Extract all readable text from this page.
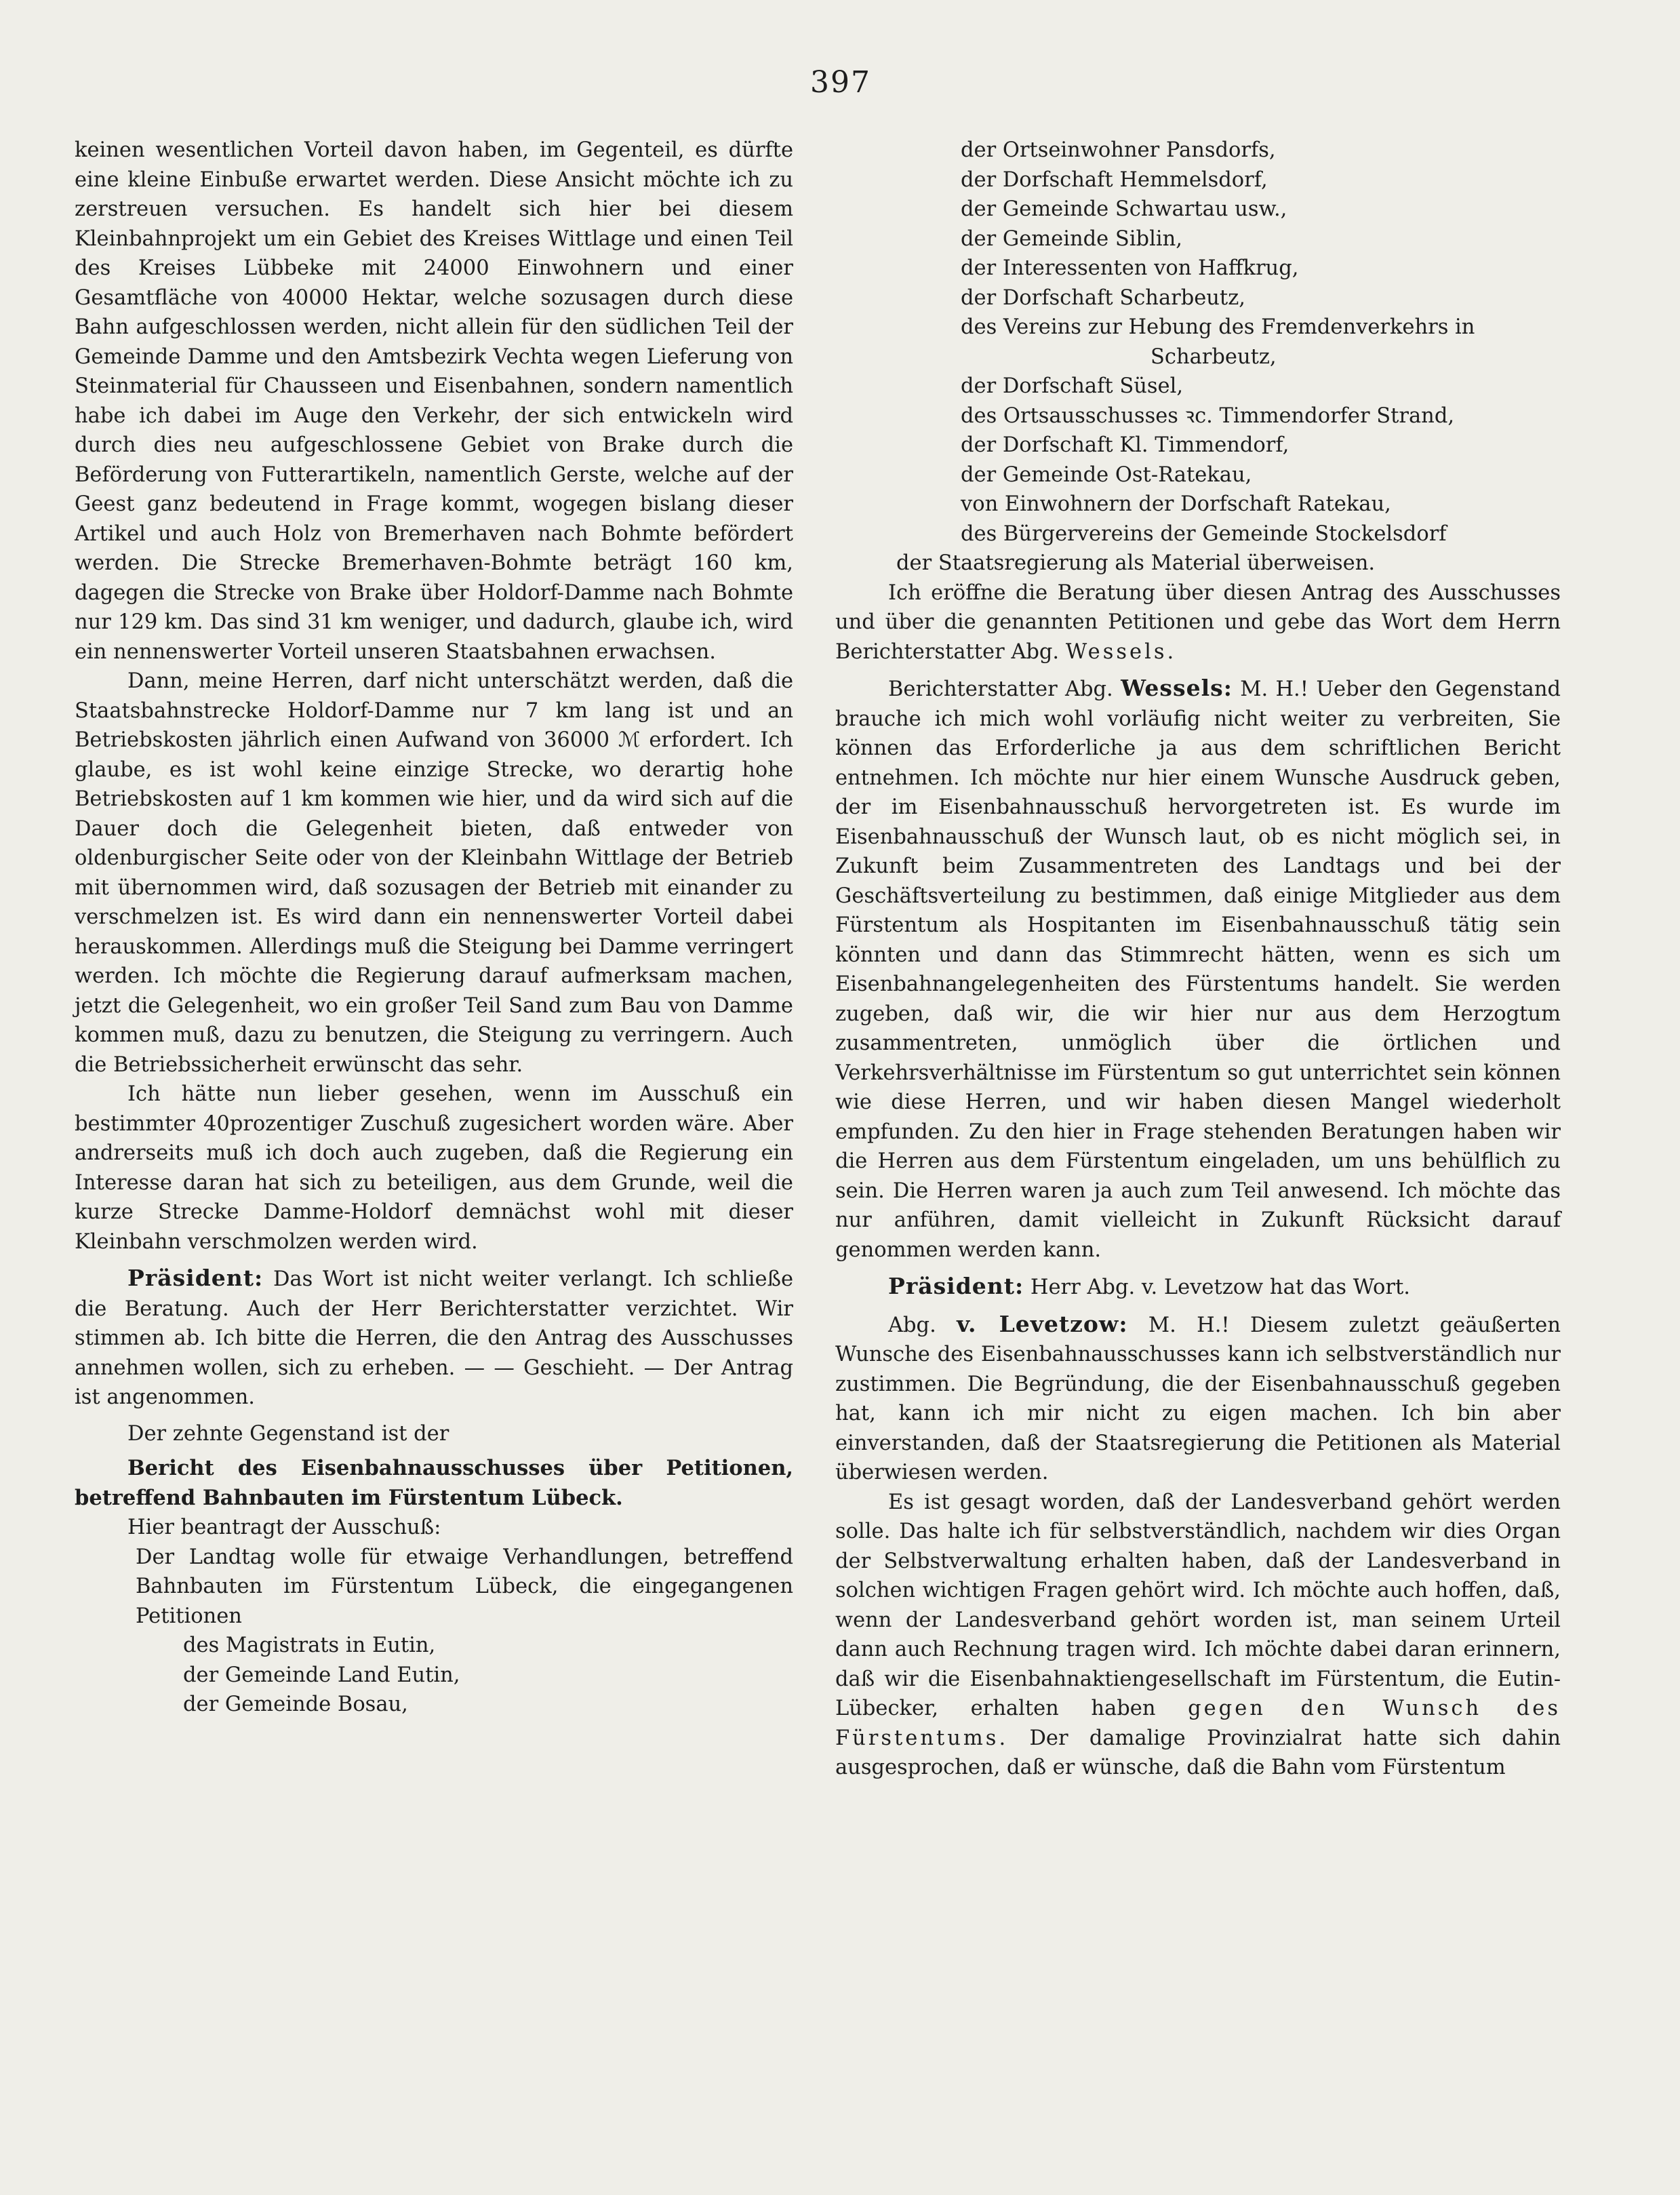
397

keinen wesentlichen Vorteil davon haben, im Gegenteil, es dürfte eine kleine Einbuße erwartet werden. Diese Ansicht möchte ich zu zerstreuen versuchen. Es handelt sich hier bei diesem Kleinbahnprojekt um ein Gebiet des Kreises Wittlage und einen Teil des Kreises Lübbeke mit 24000 Einwohnern und einer Gesamtfläche von 40000 Hektar, welche sozusagen durch diese Bahn aufgeschlossen werden, nicht allein für den südlichen Teil der Gemeinde Damme und den Amtsbezirk Vechta wegen Lieferung von Steinmaterial für Chausseen und Eisenbahnen, sondern namentlich habe ich dabei im Auge den Verkehr, der sich entwickeln wird durch dies neu aufgeschlossene Gebiet von Brake durch die Beförderung von Futterartikeln, namentlich Gerste, welche auf der Geest ganz bedeutend in Frage kommt, wogegen bislang dieser Artikel und auch Holz von Bremerhaven nach Bohmte befördert werden. Die Strecke Bremerhaven-Bohmte beträgt 160 km, dagegen die Strecke von Brake über Holdorf-Damme nach Bohmte nur 129 km. Das sind 31 km weniger, und dadurch, glaube ich, wird ein nennenswerter Vorteil unseren Staatsbahnen erwachsen.

Dann, meine Herren, darf nicht unterschätzt werden, daß die Staatsbahnstrecke Holdorf-Damme nur 7 km lang ist und an Betriebskosten jährlich einen Aufwand von 36000 ℳ erfordert. Ich glaube, es ist wohl keine einzige Strecke, wo derartig hohe Betriebskosten auf 1 km kommen wie hier, und da wird sich auf die Dauer doch die Gelegenheit bieten, daß entweder von oldenburgischer Seite oder von der Kleinbahn Wittlage der Betrieb mit übernommen wird, daß sozusagen der Betrieb mit einander zu verschmelzen ist. Es wird dann ein nennenswerter Vorteil dabei herauskommen. Allerdings muß die Steigung bei Damme verringert werden. Ich möchte die Regierung darauf aufmerksam machen, jetzt die Gelegenheit, wo ein großer Teil Sand zum Bau von Damme kommen muß, dazu zu benutzen, die Steigung zu verringern. Auch die Betriebssicherheit erwünscht das sehr.

Ich hätte nun lieber gesehen, wenn im Ausschuß ein bestimmter 40prozentiger Zuschuß zugesichert worden wäre. Aber andrerseits muß ich doch auch zugeben, daß die Regierung ein Interesse daran hat sich zu beteiligen, aus dem Grunde, weil die kurze Strecke Damme-Holdorf demnächst wohl mit dieser Kleinbahn verschmolzen werden wird.

Präsident: Das Wort ist nicht weiter verlangt. Ich schließe die Beratung. Auch der Herr Berichterstatter verzichtet. Wir stimmen ab. Ich bitte die Herren, die den Antrag des Ausschusses annehmen wollen, sich zu erheben. — — Geschieht. — Der Antrag ist angenommen.

Der zehnte Gegenstand ist der

Bericht des Eisenbahnausschusses über Petitionen, betreffend Bahnbauten im Fürstentum Lübeck.

Hier beantragt der Ausschuß:

Der Landtag wolle für etwaige Verhandlungen, betreffend Bahnbauten im Fürstentum Lübeck, die eingegangenen Petitionen

des Magistrats in Eutin,
der Gemeinde Land Eutin,
der Gemeinde Bosau,
der Ortseinwohner Pansdorfs,
der Dorfschaft Hemmelsdorf,
der Gemeinde Schwartau usw.,
der Gemeinde Siblin,
der Interessenten von Haffkrug,
der Dorfschaft Scharbeutz,
des Vereins zur Hebung des Fremdenverkehrs in
Scharbeutz,
der Dorfschaft Süsel,
des Ortsausschusses ꝛc. Timmendorfer Strand,
der Dorfschaft Kl. Timmendorf,
der Gemeinde Ost-Ratekau,
von Einwohnern der Dorfschaft Ratekau,
des Bürgervereins der Gemeinde Stockelsdorf

der Staatsregierung als Material überweisen.

Ich eröffne die Beratung über diesen Antrag des Ausschusses und über die genannten Petitionen und gebe das Wort dem Herrn Berichterstatter Abg. Wessels.

Berichterstatter Abg. Wessels: M. H.! Ueber den Gegenstand brauche ich mich wohl vorläufig nicht weiter zu verbreiten, Sie können das Erforderliche ja aus dem schriftlichen Bericht entnehmen. Ich möchte nur hier einem Wunsche Ausdruck geben, der im Eisenbahnausschuß hervorgetreten ist. Es wurde im Eisenbahnausschuß der Wunsch laut, ob es nicht möglich sei, in Zukunft beim Zusammentreten des Landtags und bei der Geschäftsverteilung zu bestimmen, daß einige Mitglieder aus dem Fürstentum als Hospitanten im Eisenbahnausschuß tätig sein könnten und dann das Stimmrecht hätten, wenn es sich um Eisenbahnangelegenheiten des Fürstentums handelt. Sie werden zugeben, daß wir, die wir hier nur aus dem Herzogtum zusammentreten, unmöglich über die örtlichen und Verkehrsverhältnisse im Fürstentum so gut unterrichtet sein können wie diese Herren, und wir haben diesen Mangel wiederholt empfunden. Zu den hier in Frage stehenden Beratungen haben wir die Herren aus dem Fürstentum eingeladen, um uns behülflich zu sein. Die Herren waren ja auch zum Teil anwesend. Ich möchte das nur anführen, damit vielleicht in Zukunft Rücksicht darauf genommen werden kann.

Präsident: Herr Abg. v. Levetzow hat das Wort.

Abg. v. Levetzow: M. H.! Diesem zuletzt geäußerten Wunsche des Eisenbahnausschusses kann ich selbstverständlich nur zustimmen. Die Begründung, die der Eisenbahnausschuß gegeben hat, kann ich mir nicht zu eigen machen. Ich bin aber einverstanden, daß der Staatsregierung die Petitionen als Material überwiesen werden.

Es ist gesagt worden, daß der Landesverband gehört werden solle. Das halte ich für selbstverständlich, nachdem wir dies Organ der Selbstverwaltung erhalten haben, daß der Landesverband in solchen wichtigen Fragen gehört wird. Ich möchte auch hoffen, daß, wenn der Landesverband gehört worden ist, man seinem Urteil dann auch Rechnung tragen wird. Ich möchte dabei daran erinnern, daß wir die Eisenbahnaktiengesellschaft im Fürstentum, die Eutin-Lübecker, erhalten haben gegen den Wunsch des Fürstentums. Der damalige Provinzialrat hatte sich dahin ausgesprochen, daß er wünsche, daß die Bahn vom Fürstentum
